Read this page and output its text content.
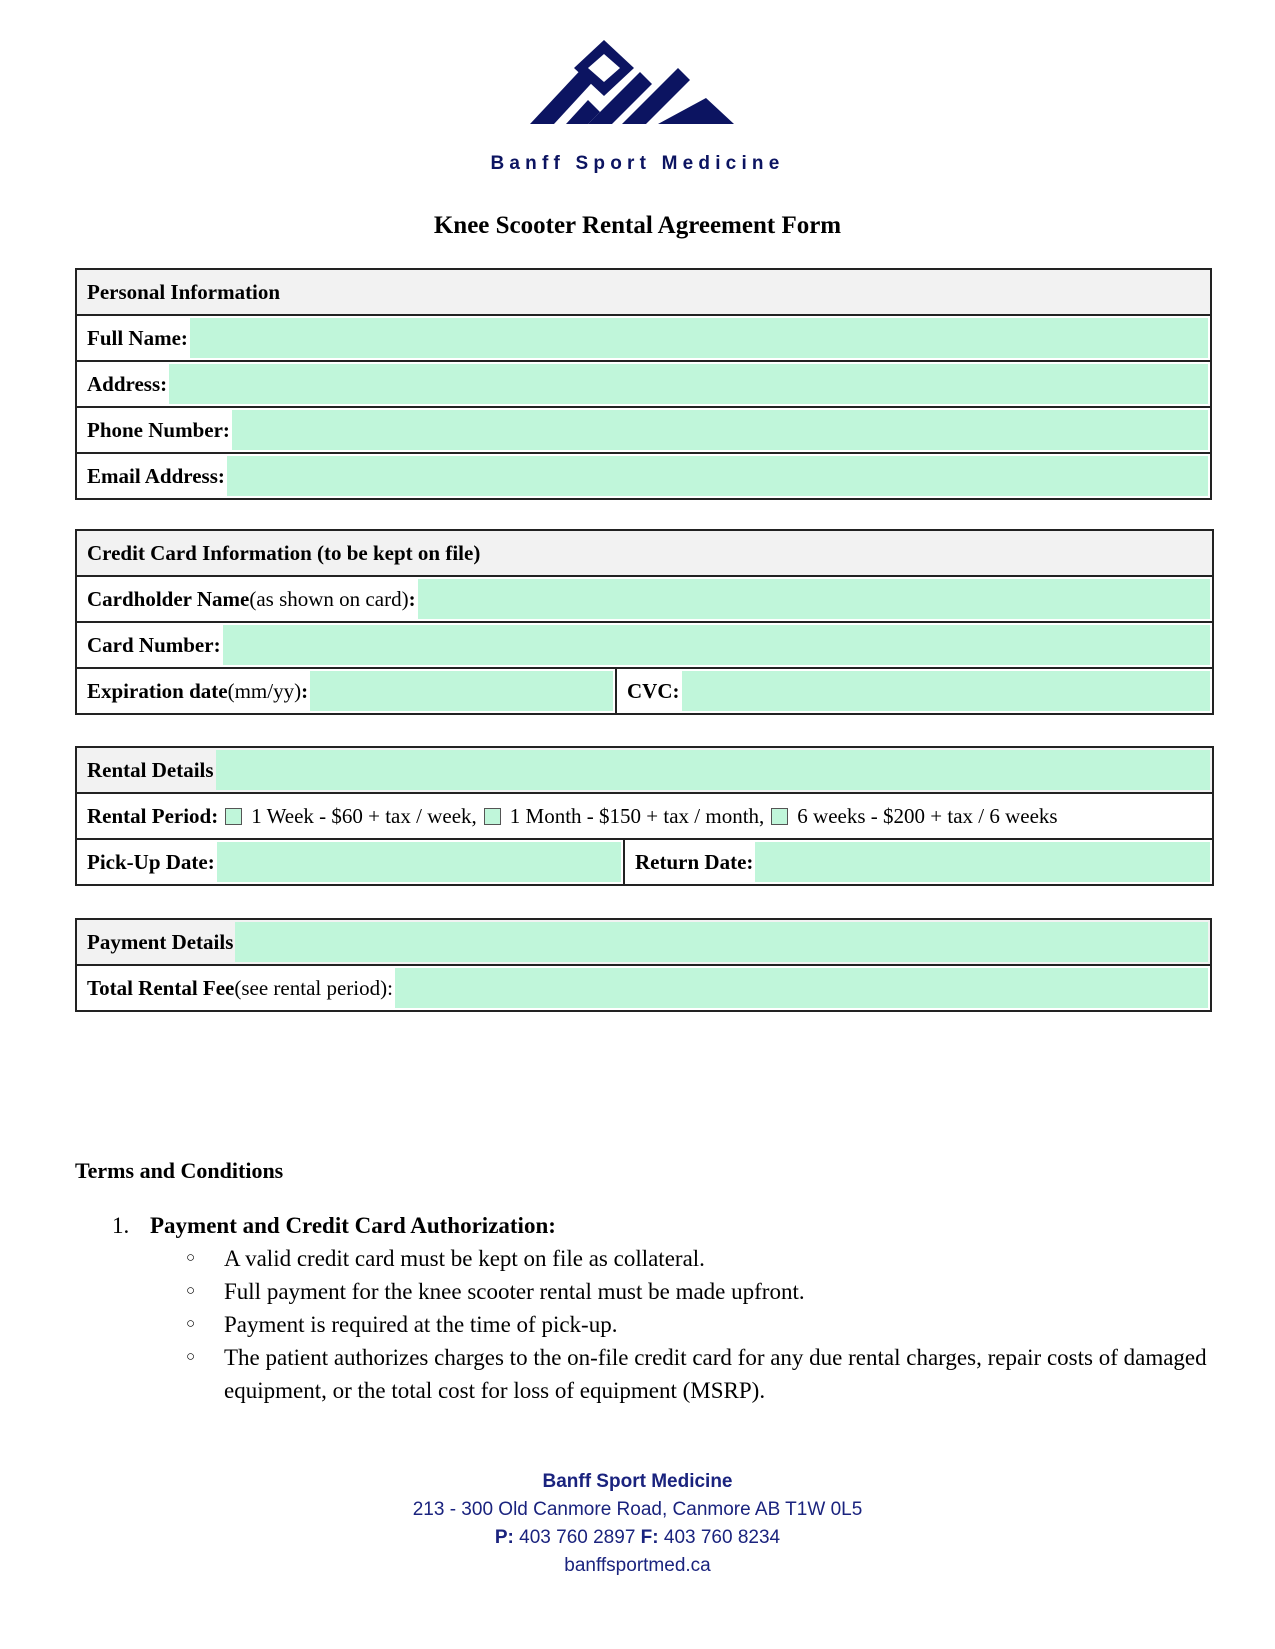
Banff Sport Medicine
Knee Scooter Rental Agreement Form
Personal Information

Full Name:

Address:

Phone Number:

Email Address:
Credit Card Information (to be kept on file)

Cardholder Name (as shown on card) :

Card Number:

Expiration date (mm/yy) :	CVC:
Rental Details

Rental Period: 1 Week - $60 + tax / week, 1 Month - $150 + tax / month, 6 weeks - $200 + tax / 6 weeks

Pick-Up Date:	Return Date:
Payment Details

Total Rental Fee (see rental period):
Terms and Conditions
1. Payment and Credit Card Authorization:
○ A valid credit card must be kept on file as collateral.
○ Full payment for the knee scooter rental must be made upfront.
○ Payment is required at the time of pick-up.
○ The patient authorizes charges to the on-file credit card for any due rental charges, repair costs of damaged equipment, or the total cost for loss of equipment (MSRP).
Banff Sport Medicine
213 - 300 Old Canmore Road, Canmore AB T1W 0L5
P: 403 760 2897 F: 403 760 8234
banffsportmed.ca
